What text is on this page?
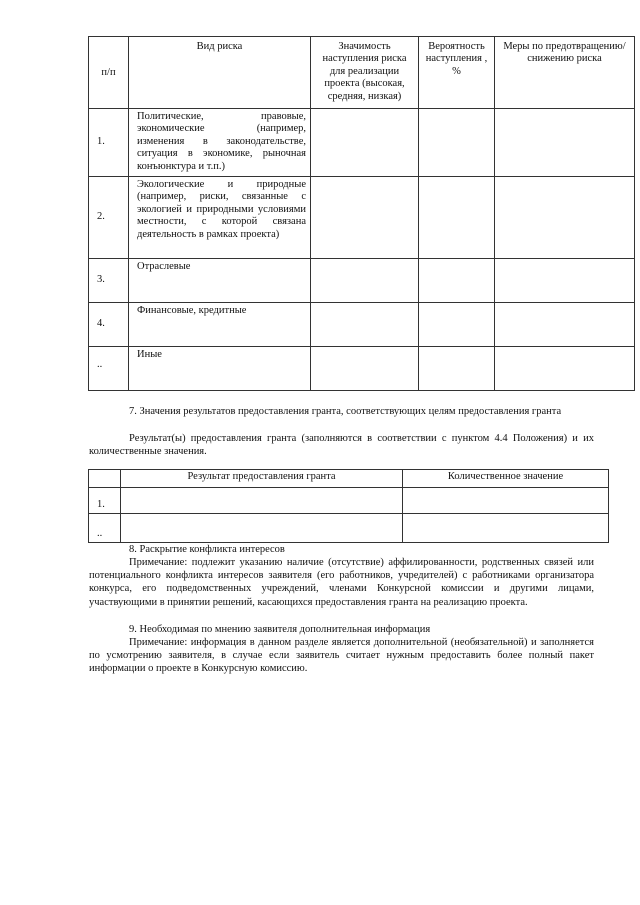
п/п	Вид риска	Значимость наступления риска для реализации проекта (высокая, средняя, низкая)	Вероятность наступления , %	Меры по предотвращению/ снижению риска
1.	Политические, правовые, экономические (например, изменения в законодательстве, ситуация в экономике, рыночная конъюнктура и т.п.)			
2.	Экологические и природные (например, риски, связанные с экологией и природными условиями местности, с которой связана деятельность в рамках проекта)			
3.	Отраслевые			
4.	Финансовые, кредитные			
..	Иные			
7. Значения результатов предоставления гранта, соответствующих целям предоставления гранта
Результат(ы) предоставления гранта (заполняются в соответствии с пунктом 4.4 Положения) и их количественные значения.
	Результат предоставления гранта	Количественное значение
1.		
..		
8. Раскрытие конфликта интересов
Примечание: подлежит указанию наличие (отсутствие) аффилированности, родственных связей или потенциального конфликта интересов заявителя (его работников, учредителей) с работниками организатора конкурса, его подведомственных учреждений, членами Конкурсной комиссии и другими лицами, участвующими в принятии решений, касающихся предоставления гранта на реализацию проекта.
9. Необходимая по мнению заявителя дополнительная информация
Примечание: информация в данном разделе является дополнительной (необязательной) и заполняется по усмотрению заявителя, в случае если заявитель считает нужным предоставить более полный пакет информации о проекте в Конкурсную комиссию.
